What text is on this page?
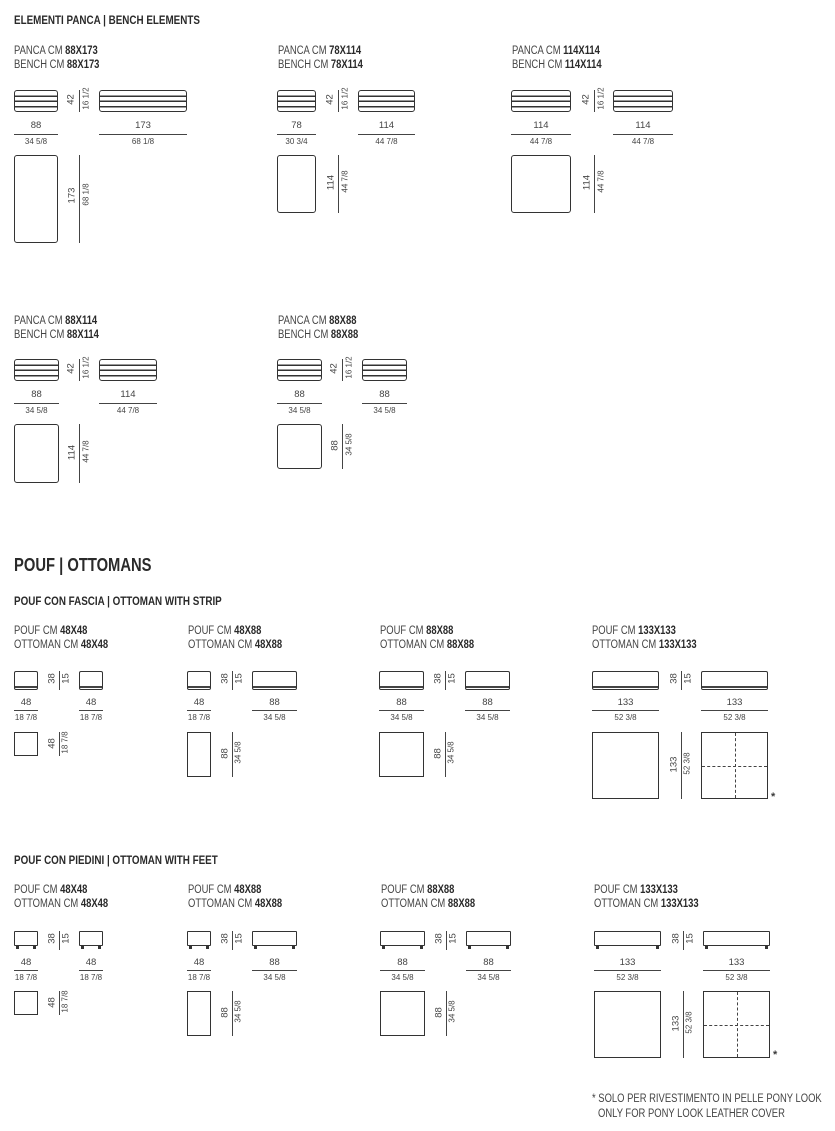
ELEMENTI PANCA | BENCH ELEMENTS
POUF | OTTOMANS
POUF CON FASCIA | OTTOMAN WITH STRIP
POUF CON PIEDINI | OTTOMAN WITH FEET
PANCA CM 88X173
BENCH CM 88X173
42 16 1/2
88
34 5/8
173
68 1/8
173 68 1/8
PANCA CM 78X114
BENCH CM 78X114
42 16 1/2
78
30 3/4
114
44 7/8
114 44 7/8
PANCA CM 114X114
BENCH CM 114X114
42 16 1/2
114
44 7/8
114
44 7/8
114 44 7/8
PANCA CM 88X114
BENCH CM 88X114
42 16 1/2
88
34 5/8
114
44 7/8
114 44 7/8
PANCA CM 88X88
BENCH CM 88X88
42 16 1/2
88
34 5/8
88
34 5/8
88 34 5/8
POUF CM 48X48
OTTOMAN CM 48X48
38 15
48
18 7/8
48
18 7/8
48 18 7/8
POUF CM 48X88
OTTOMAN CM 48X88
38 15
48
18 7/8
88
34 5/8
88 34 5/8
POUF CM 88X88
OTTOMAN CM 88X88
38 15
88
34 5/8
88
34 5/8
88 34 5/8
POUF CM 133X133
OTTOMAN CM 133X133
38 15
133
52 3/8
133
52 3/8
133 52 3/8
*
POUF CM 48X48
OTTOMAN CM 48X48
38 15
48
18 7/8
48
18 7/8
48 18 7/8
POUF CM 48X88
OTTOMAN CM 48X88
38 15
48
18 7/8
88
34 5/8
88 34 5/8
POUF CM 88X88
OTTOMAN CM 88X88
38 15
88
34 5/8
88
34 5/8
88 34 5/8
POUF CM 133X133
OTTOMAN CM 133X133
38 15
133
52 3/8
133
52 3/8
133 52 3/8
*
* SOLO PER RIVESTIMENTO IN PELLE PONY LOOK
ONLY FOR PONY LOOK LEATHER COVER
